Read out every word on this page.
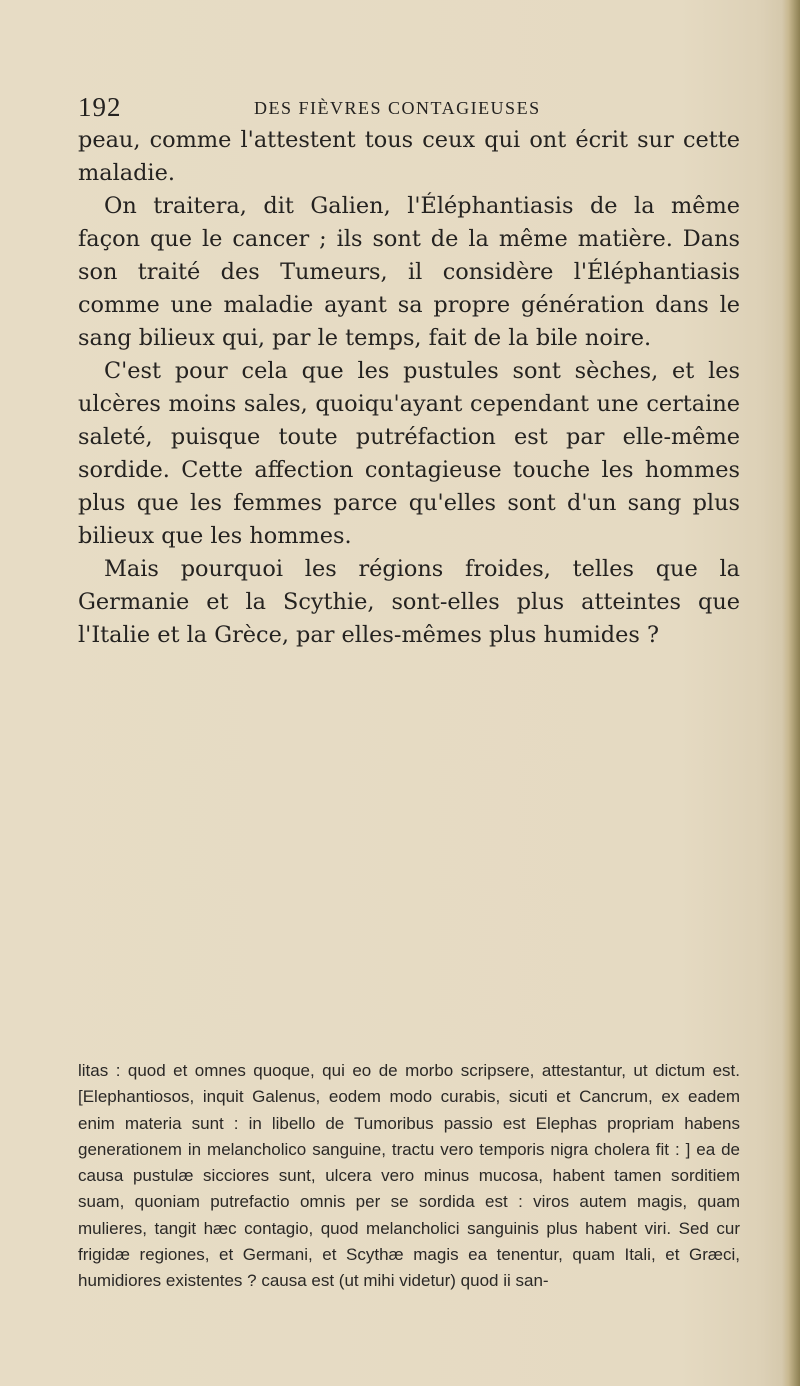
192	DES FIÈVRES CONTAGIEUSES

peau, comme l'attestent tous ceux qui ont écrit sur cette maladie.

On traitera, dit Galien, l'Éléphantiasis de la même façon que le cancer ; ils sont de la même matière. Dans son traité des Tumeurs, il considère l'Éléphantiasis comme une maladie ayant sa propre génération dans le sang bilieux qui, par le temps, fait de la bile noire.

C'est pour cela que les pustules sont sèches, et les ulcères moins sales, quoiqu'ayant cependant une certaine saleté, puisque toute putréfaction est par elle-même sordide. Cette affection contagieuse touche les hommes plus que les femmes parce qu'elles sont d'un sang plus bilieux que les hommes.

Mais pourquoi les régions froides, telles que la Germanie et la Scythie, sont-elles plus atteintes que l'Italie et la Grèce, par elles-mêmes plus humides ?

litas : quod et omnes quoque, qui eo de morbo scripsere, attestantur, ut dictum est. [Elephantiosos, inquit Galenus, eodem modo curabis, sicuti et Cancrum, ex eadem enim materia sunt : in libello de Tumoribus passio est Elephas propriam habens generationem in melancholico sanguine, tractu vero temporis nigra cholera fit : ] ea de causa pustulæ sicciores sunt, ulcera vero minus mucosa, habent tamen sorditiem suam, quoniam putrefactio omnis per se sordida est : viros autem magis, quam mulieres, tangit hæc contagio, quod melancholici sanguinis plus habent viri. Sed cur frigidæ regiones, et Germani, et Scythæ magis ea tenentur, quam Itali, et Græci, humidiores existentes ? causa est (ut mihi videtur) quod ii san-
